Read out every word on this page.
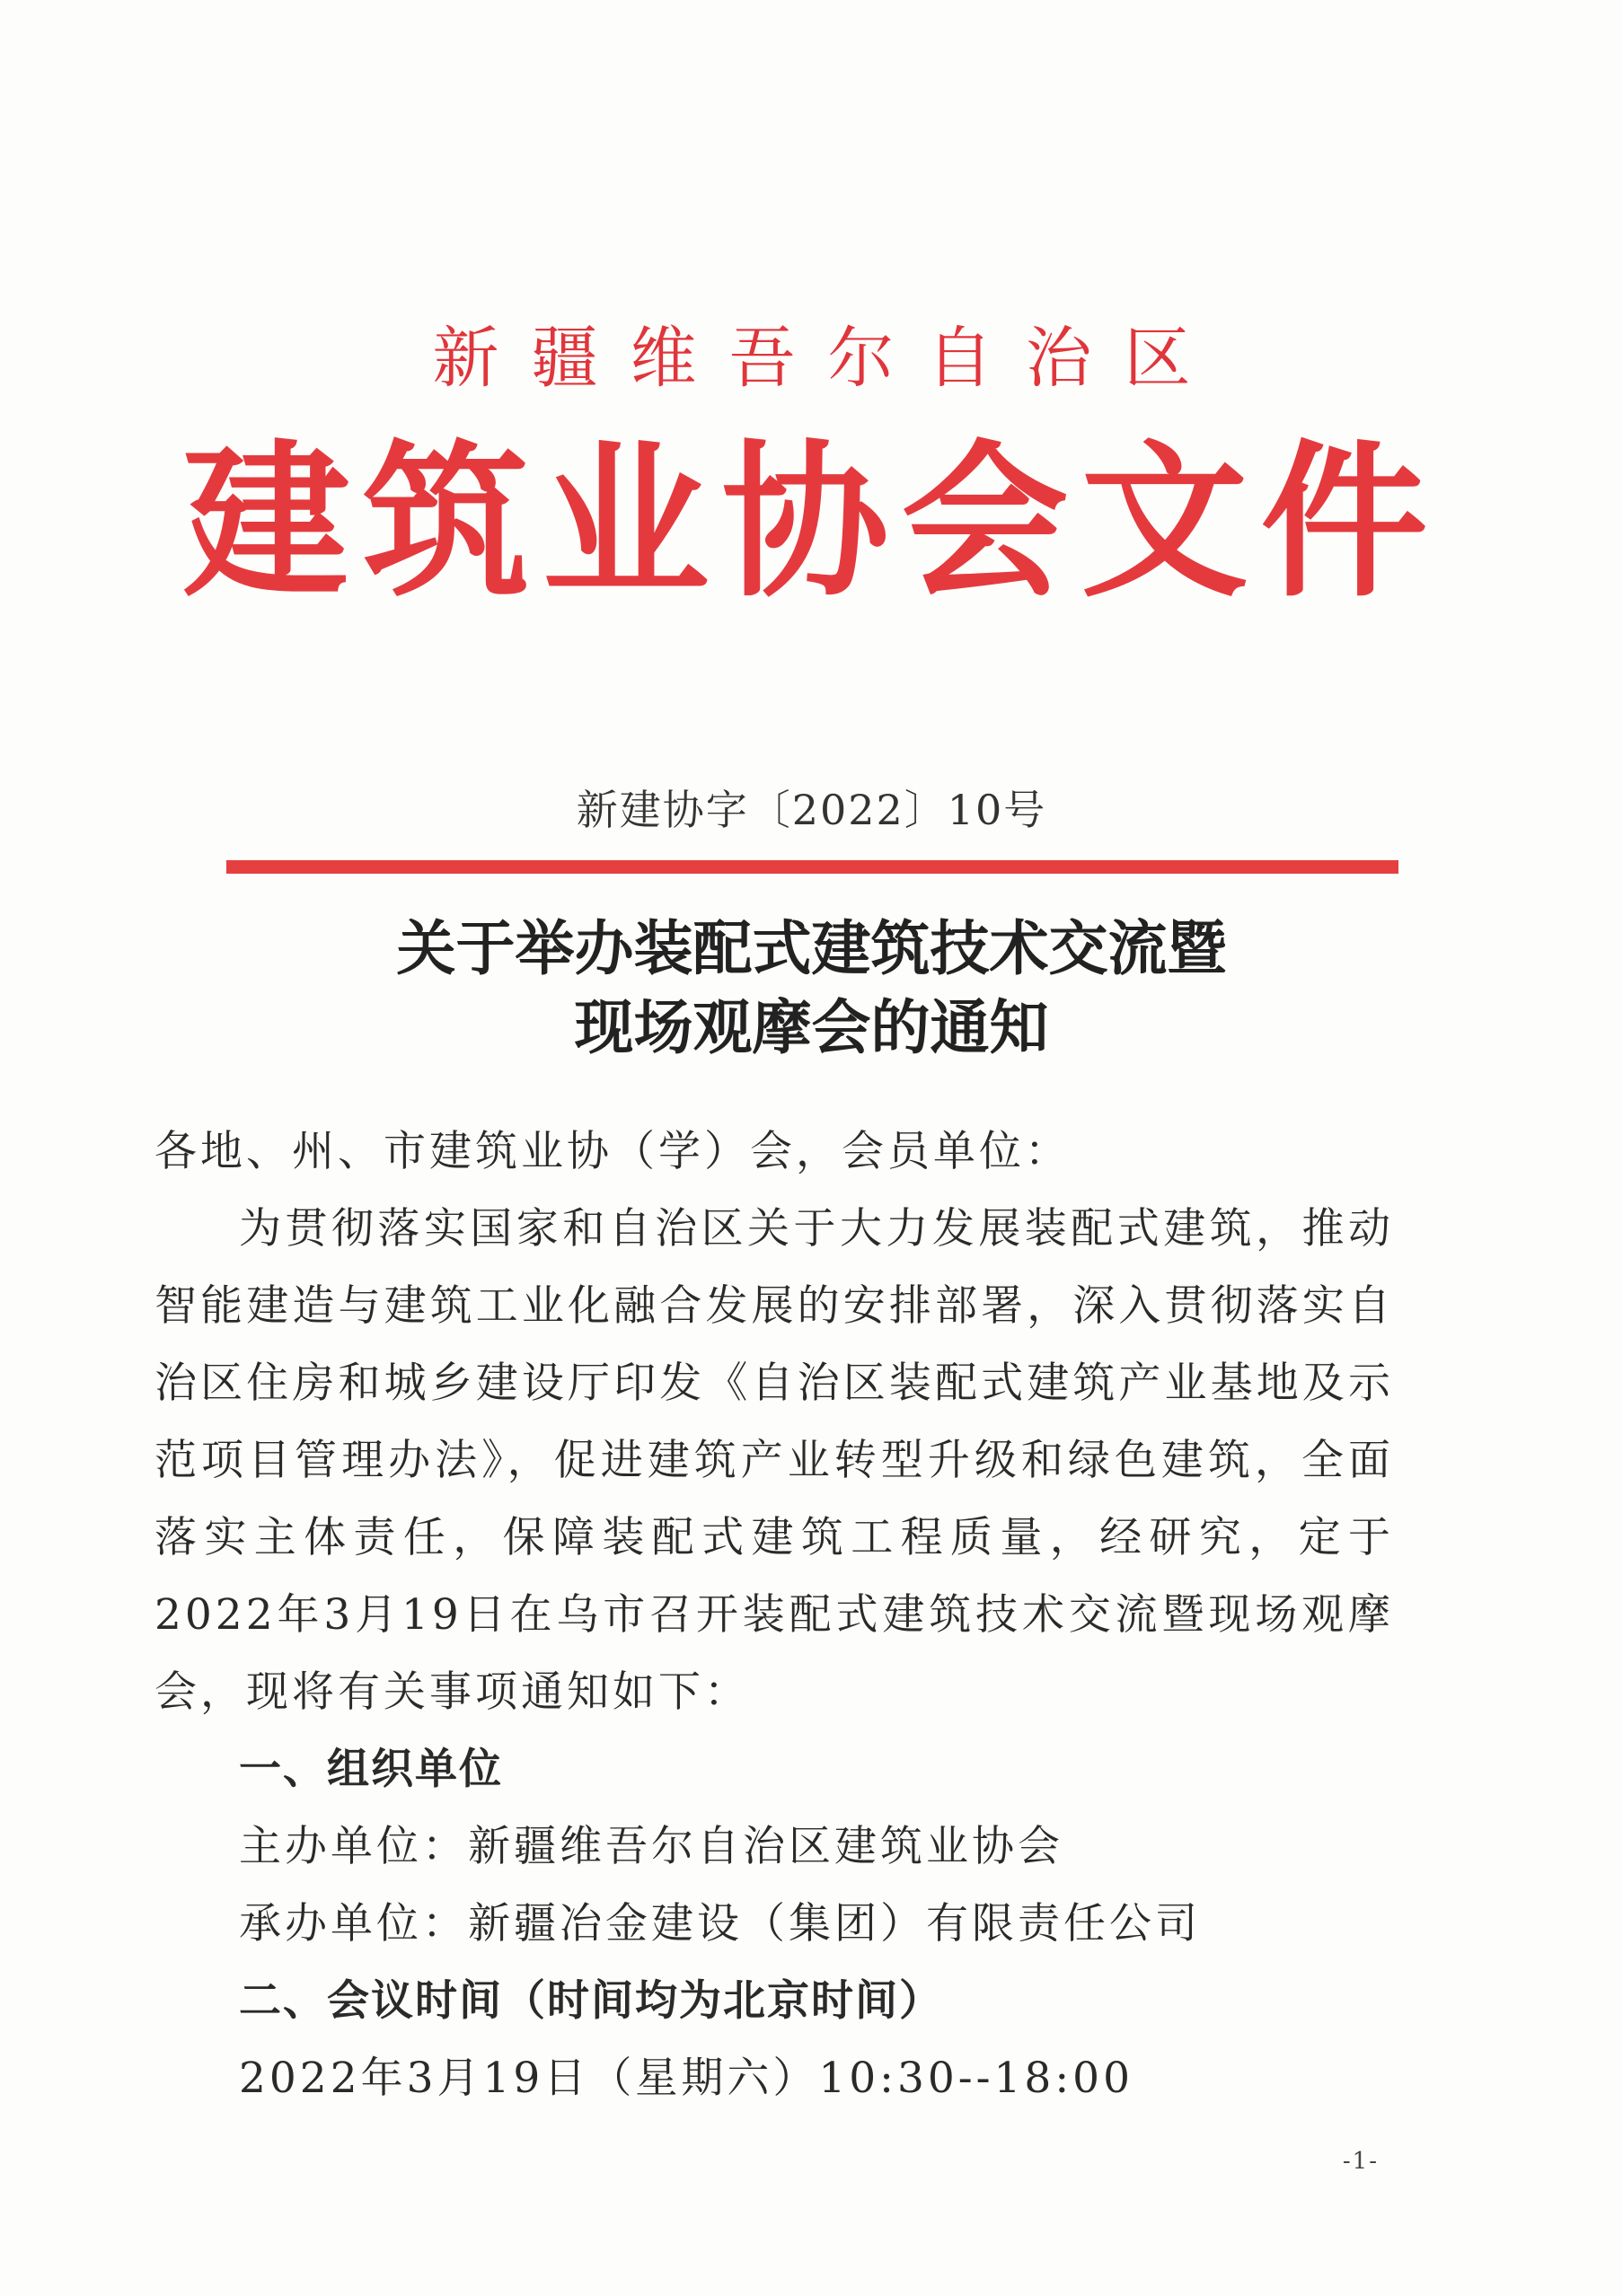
新疆维吾尔自治区
建筑业协会文件
新建协字〔2022〕10号
关于举办装配式建筑技术交流暨
现场观摩会的通知

各地、州、市建筑业协（学）会，会员单位：

为贯彻落实国家和自治区关于大力发展装配式建筑，推动智能建造与建筑工业化融合发展的安排部署，深入贯彻落实自治区住房和城乡建设厅印发《自治区装配式建筑产业基地及示范项目管理办法》，促进建筑产业转型升级和绿色建筑，全面落实主体责任，保障装配式建筑工程质量，经研究，定于2022年3月19日在乌市召开装配式建筑技术交流暨现场观摩会，现将有关事项通知如下：

一、组织单位

主办单位：新疆维吾尔自治区建筑业协会

承办单位：新疆冶金建设（集团）有限责任公司

二、会议时间（时间均为北京时间）

2022年3月19日（星期六）10:30--18:00

-1-
